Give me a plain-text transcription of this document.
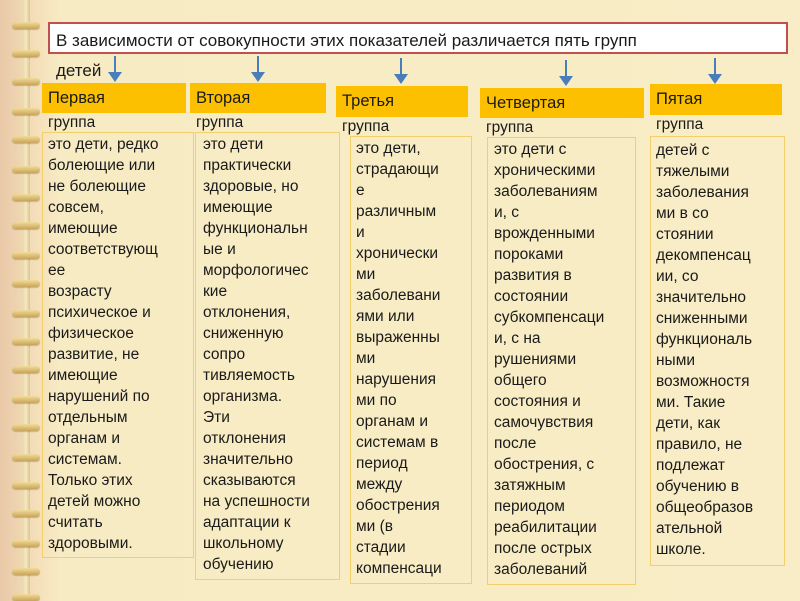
В зависимости от совокупности этих показателей различается пять групп
детей
Первая
группа
это дети, редко
болеющие или
не болеющие
совсем,
имеющие
соответствующ
ее
возрасту
психическое и
физическое
развитие, не
имеющие
нарушений по
отдельным
органам и
системам.
Только этих
детей можно
считать
здоровыми.
Вторая
группа
это дети
практически
здоровые, но
имеющие
функциональн
ые и
морфологичес
кие
отклонения,
сниженную
сопро
тивляемость
организма.
Эти
отклонения
значительно
сказываются
на успешности
адаптации к
школьному
обучению
Третья
группа
это дети,
страдающи
е
различным
и
хронически
ми
заболевани
ями или
выраженны
ми
нарушения
ми по
органам и
системам в
период
между
обострения
ми (в
стадии
компенсаци
Четвертая
группа
это дети с
хроническими
заболеваниям
и, с
врожденными
пороками
развития в
состоянии
субкомпенсаци
и, с на
рушениями
общего
состояния и
самочувствия
после
обострения, с
затяжным
периодом
реабилитации
после острых
заболеваний
Пятая
группа
детей с
тяжелыми
заболевания
ми в со
стоянии
декомпенсац
ии, со
значительно
сниженными
функциональ
ными
возможностя
ми. Такие
дети, как
правило, не
подлежат
обучению в
общеобразов
ательной
школе.
